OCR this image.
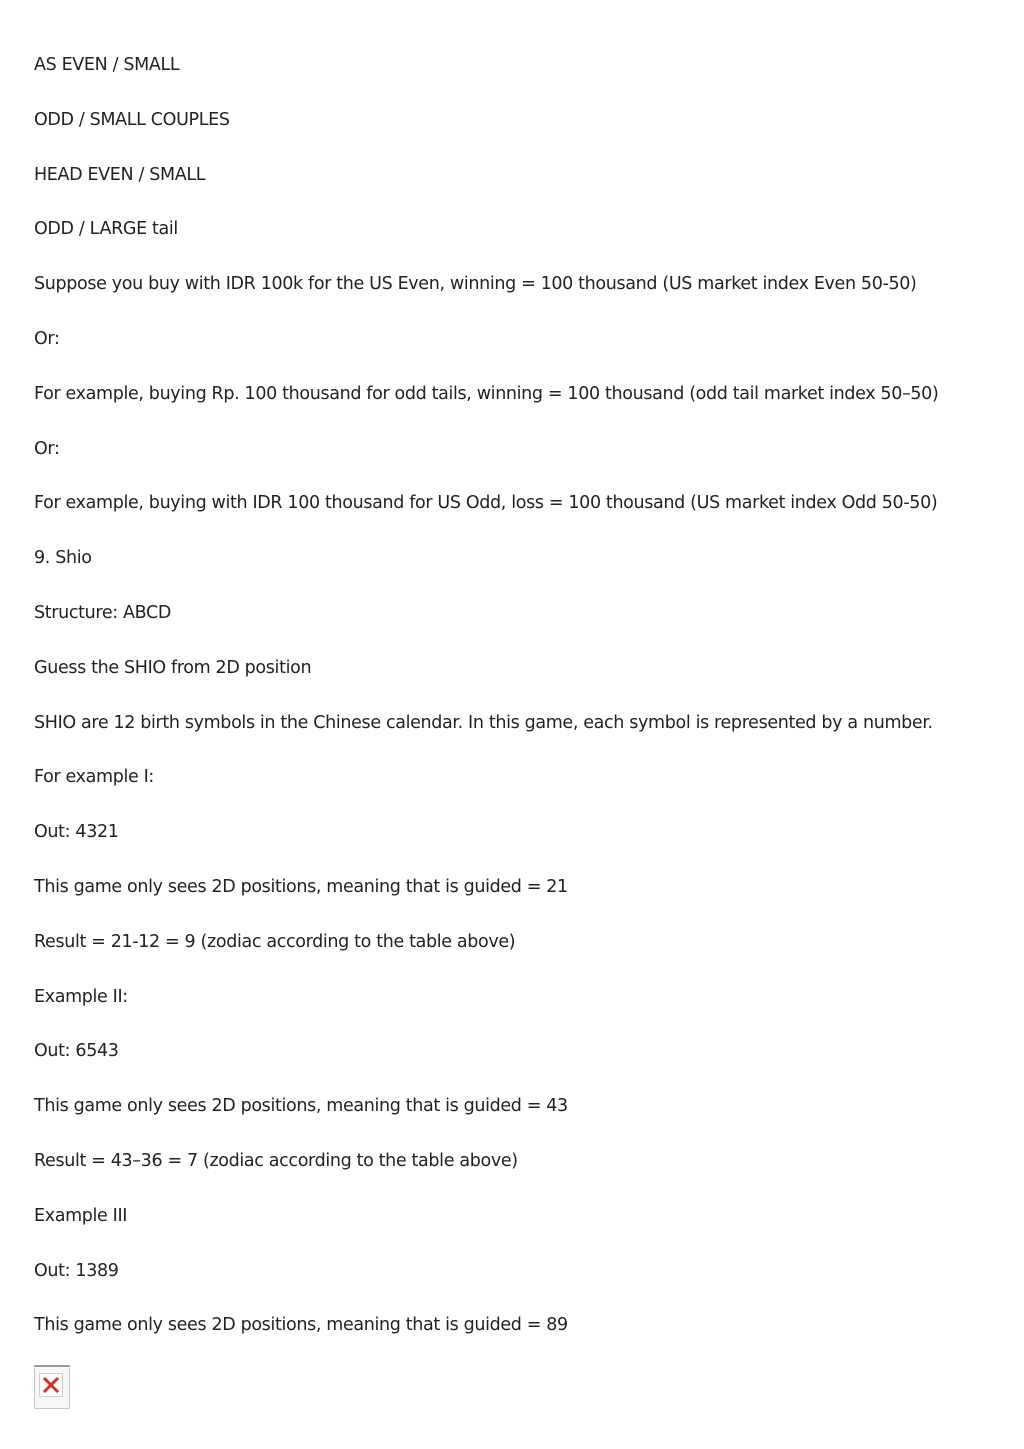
AS EVEN / SMALL

ODD / SMALL COUPLES

HEAD EVEN / SMALL

ODD / LARGE tail

Suppose you buy with IDR 100k for the US Even, winning = 100 thousand (US market index Even 50-50)

Or:

For example, buying Rp. 100 thousand for odd tails, winning = 100 thousand (odd tail market index 50–50)

Or:

For example, buying with IDR 100 thousand for US Odd, loss = 100 thousand (US market index Odd 50-50)

9. Shio

Structure: ABCD

Guess the SHIO from 2D position

SHIO are 12 birth symbols in the Chinese calendar. In this game, each symbol is represented by a number.

For example I:

Out: 4321

This game only sees 2D positions, meaning that is guided = 21

Result = 21-12 = 9 (zodiac according to the table above)

Example II:

Out: 6543

This game only sees 2D positions, meaning that is guided = 43

Result = 43–36 = 7 (zodiac according to the table above)

Example III

Out: 1389

This game only sees 2D positions, meaning that is guided = 89
